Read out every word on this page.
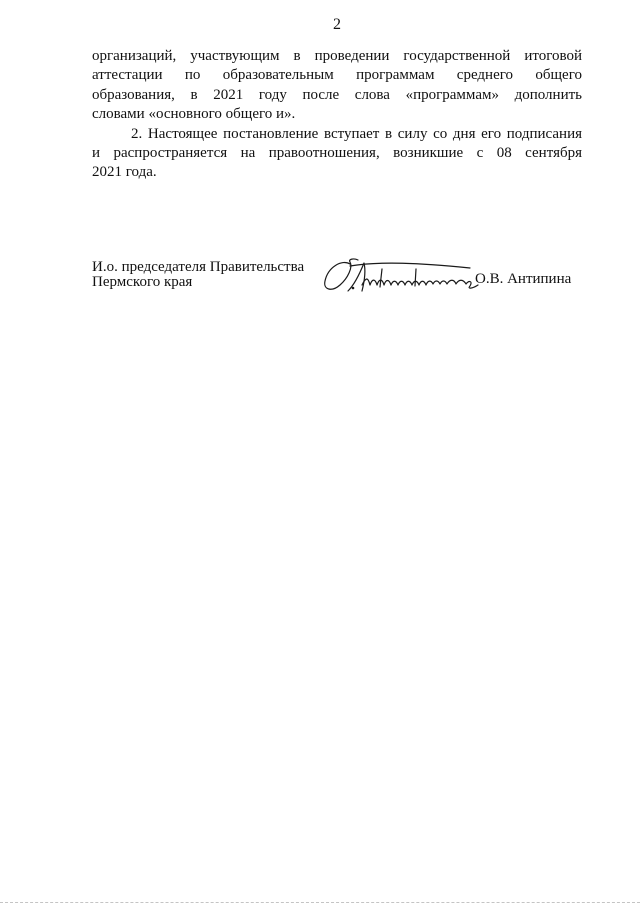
2
организаций, участвующим в проведении государственной итоговой
аттестации по образовательным программам среднего общего
образования, в 2021 году после слова «программам» дополнить
словами «основного общего и».
2. Настоящее постановление вступает в силу со дня его подписания
и распространяется на правоотношения, возникшие с 08 сентября
2021 года.
И.о. председателя Правительства
Пермского края	О.В. Антипина
